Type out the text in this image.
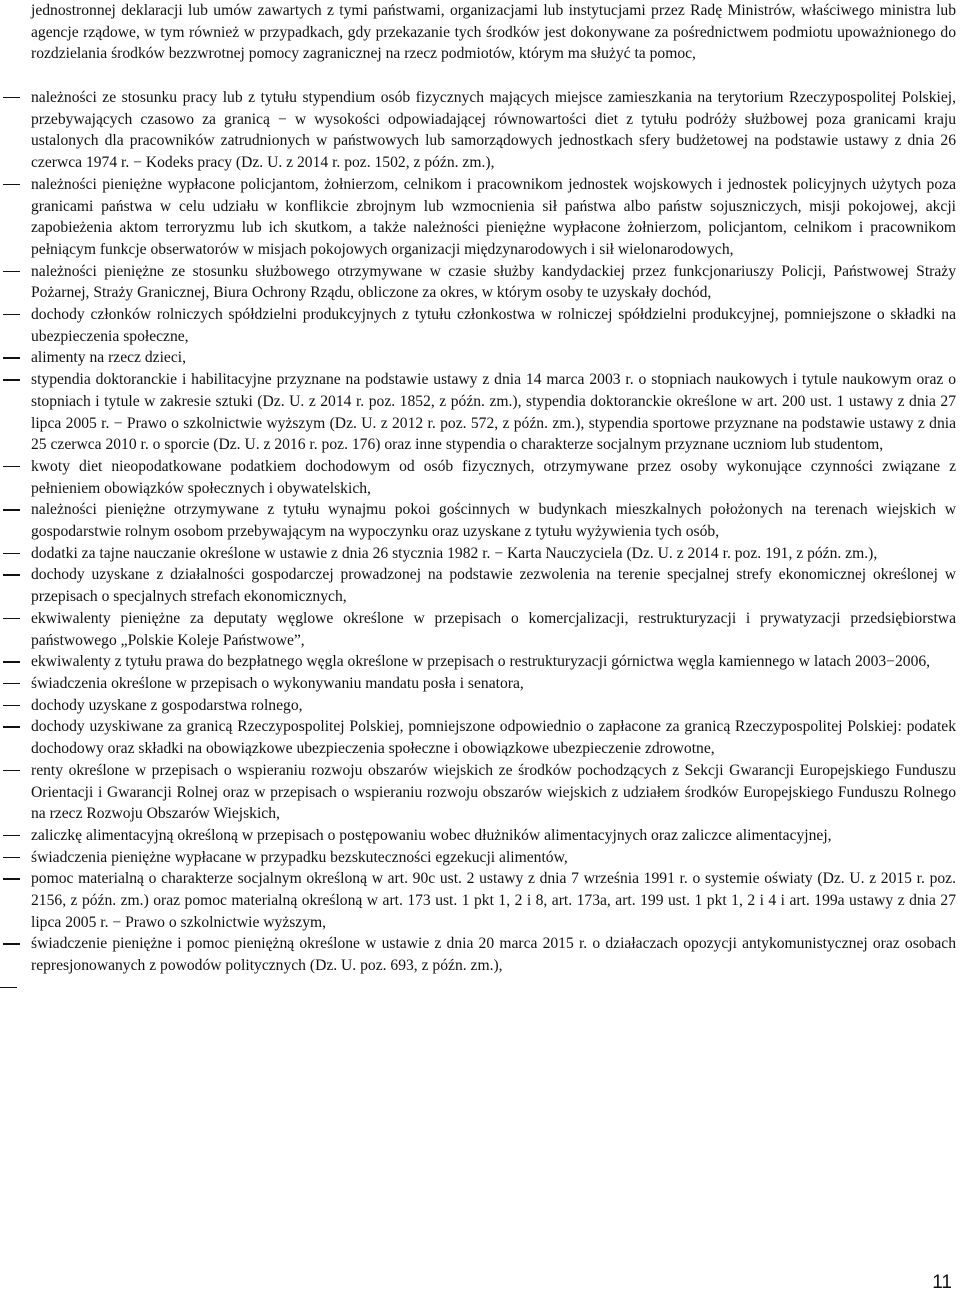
jednostronnej deklaracji lub umów zawartych z tymi państwami, organizacjami lub instytucjami przez Radę Ministrów, właściwego ministra lub agencje rządowe, w tym również w przypadkach, gdy przekazanie tych środków jest dokonywane za pośrednictwem podmiotu upoważnionego do rozdzielania środków bezzwrotnej pomocy zagranicznej na rzecz podmiotów, którym ma służyć ta pomoc,
należności ze stosunku pracy lub z tytułu stypendium osób fizycznych mających miejsce zamieszkania na terytorium Rzeczypospolitej Polskiej, przebywających czasowo za granicą − w wysokości odpowiadającej równowartości diet z tytułu podróży służbowej poza granicami kraju ustalonych dla pracowników zatrudnionych w państwowych lub samorządowych jednostkach sfery budżetowej na podstawie ustawy z dnia 26 czerwca 1974 r. − Kodeks pracy (Dz. U. z 2014 r. poz. 1502, z późn. zm.),
należności pieniężne wypłacone policjantom, żołnierzom, celnikom i pracownikom jednostek wojskowych i jednostek policyjnych użytych poza granicami państwa w celu udziału w konflikcie zbrojnym lub wzmocnienia sił państwa albo państw sojuszniczych, misji pokojowej, akcji zapobieżenia aktom terroryzmu lub ich skutkom, a także należności pieniężne wypłacone żołnierzom, policjantom, celnikom i pracownikom pełniącym funkcje obserwatorów w misjach pokojowych organizacji międzynarodowych i sił wielonarodowych,
należności pieniężne ze stosunku służbowego otrzymywane w czasie służby kandydackiej przez funkcjonariuszy Policji, Państwowej Straży Pożarnej, Straży Granicznej, Biura Ochrony Rządu, obliczone za okres, w którym osoby te uzyskały dochód,
dochody członków rolniczych spółdzielni produkcyjnych z tytułu członkostwa w rolniczej spółdzielni produkcyjnej, pomniejszone o składki na ubezpieczenia społeczne,
alimenty na rzecz dzieci,
stypendia doktoranckie i habilitacyjne przyznane na podstawie ustawy z dnia 14 marca 2003 r. o stopniach naukowych i tytule naukowym oraz o stopniach i tytule w zakresie sztuki (Dz. U. z 2014 r. poz. 1852, z późn. zm.), stypendia doktoranckie określone w art. 200 ust. 1 ustawy z dnia 27 lipca 2005 r. − Prawo o szkolnictwie wyższym (Dz. U. z 2012 r. poz. 572, z późn. zm.), stypendia sportowe przyznane na podstawie ustawy z dnia 25 czerwca 2010 r. o sporcie (Dz. U. z 2016 r. poz. 176) oraz inne stypendia o charakterze socjalnym przyznane uczniom lub studentom,
kwoty diet nieopodatkowane podatkiem dochodowym od osób fizycznych, otrzymywane przez osoby wykonujące czynności związane z pełnieniem obowiązków społecznych i obywatelskich,
należności pieniężne otrzymywane z tytułu wynajmu pokoi gościnnych w budynkach mieszkalnych położonych na terenach wiejskich w gospodarstwie rolnym osobom przebywającym na wypoczynku oraz uzyskane z tytułu wyżywienia tych osób,
dodatki za tajne nauczanie określone w ustawie z dnia 26 stycznia 1982 r. − Karta Nauczyciela (Dz. U. z 2014 r. poz. 191, z późn. zm.),
dochody uzyskane z działalności gospodarczej prowadzonej na podstawie zezwolenia na terenie specjalnej strefy ekonomicznej określonej w przepisach o specjalnych strefach ekonomicznych,
ekwiwalenty pieniężne za deputaty węglowe określone w przepisach o komercjalizacji, restrukturyzacji i prywatyzacji przedsiębiorstwa państwowego „Polskie Koleje Państwowe”,
ekwiwalenty z tytułu prawa do bezpłatnego węgla określone w przepisach o restrukturyzacji górnictwa węgla kamiennego w latach 2003−2006,
świadczenia określone w przepisach o wykonywaniu mandatu posła i senatora,
dochody uzyskane z gospodarstwa rolnego,
dochody uzyskiwane za granicą Rzeczypospolitej Polskiej, pomniejszone odpowiednio o zapłacone za granicą Rzeczypospolitej Polskiej: podatek dochodowy oraz składki na obowiązkowe ubezpieczenia społeczne i obowiązkowe ubezpieczenie zdrowotne,
renty określone w przepisach o wspieraniu rozwoju obszarów wiejskich ze środków pochodzących z Sekcji Gwarancji Europejskiego Funduszu Orientacji i Gwarancji Rolnej oraz w przepisach o wspieraniu rozwoju obszarów wiejskich z udziałem środków Europejskiego Funduszu Rolnego na rzecz Rozwoju Obszarów Wiejskich,
zaliczkę alimentacyjną określoną w przepisach o postępowaniu wobec dłużników alimentacyjnych oraz zaliczce alimentacyjnej,
świadczenia pieniężne wypłacane w przypadku bezskuteczności egzekucji alimentów,
pomoc materialną o charakterze socjalnym określoną w art. 90c ust. 2 ustawy z dnia 7 września 1991 r. o systemie oświaty (Dz. U. z 2015 r. poz. 2156, z późn. zm.) oraz pomoc materialną określoną w art. 173 ust. 1 pkt 1, 2 i 8, art. 173a, art. 199 ust. 1 pkt 1, 2 i 4 i art. 199a ustawy z dnia 27 lipca 2005 r. − Prawo o szkolnictwie wyższym,
świadczenie pieniężne i pomoc pieniężną określone w ustawie z dnia 20 marca 2015 r. o działaczach opozycji antykomunistycznej oraz osobach represjonowanych z powodów politycznych (Dz. U. poz. 693, z późn. zm.),
11
